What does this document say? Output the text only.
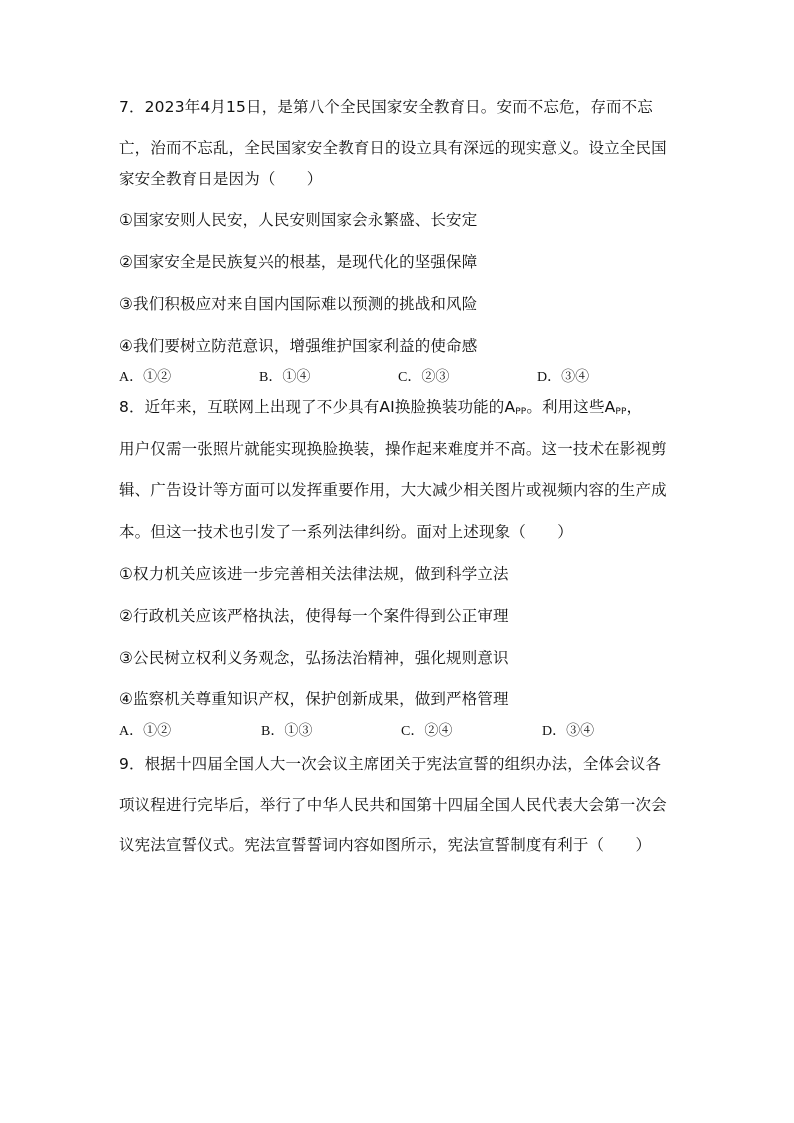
7．2023年4月15日，是第八个全民国家安全教育日。安而不忘危，存而不忘
亡，治而不忘乱，全民国家安全教育日的设立具有深远的现实意义。设立全民国
家安全教育日是因为（　　）
①国家安则人民安，人民安则国家会永繁盛、长安定
②国家安全是民族复兴的根基，是现代化的坚强保障
③我们积极应对来自国内国际难以预测的挑战和风险
④我们要树立防范意识，增强维护国家利益的使命感
A．①②	B．①④	C．②③	D．③④
8．近年来，互联网上出现了不少具有AI换脸换装功能的$A_{PP}$。利用这些$A_{PP}$，
用户仅需一张照片就能实现换脸换装，操作起来难度并不高。这一技术在影视剪
辑、广告设计等方面可以发挥重要作用，大大减少相关图片或视频内容的生产成
本。但这一技术也引发了一系列法律纠纷。面对上述现象（　　）
①权力机关应该进一步完善相关法律法规，做到科学立法
②行政机关应该严格执法，使得每一个案件得到公正审理
③公民树立权利义务观念，弘扬法治精神，强化规则意识
④监察机关尊重知识产权，保护创新成果，做到严格管理
A．①②	B．①③	C．②④	D．③④
9．根据十四届全国人大一次会议主席团关于宪法宣誓的组织办法，全体会议各
项议程进行完毕后，举行了中华人民共和国第十四届全国人民代表大会第一次会
议宪法宣誓仪式。宪法宣誓誓词内容如图所示，宪法宣誓制度有利于（　　）
